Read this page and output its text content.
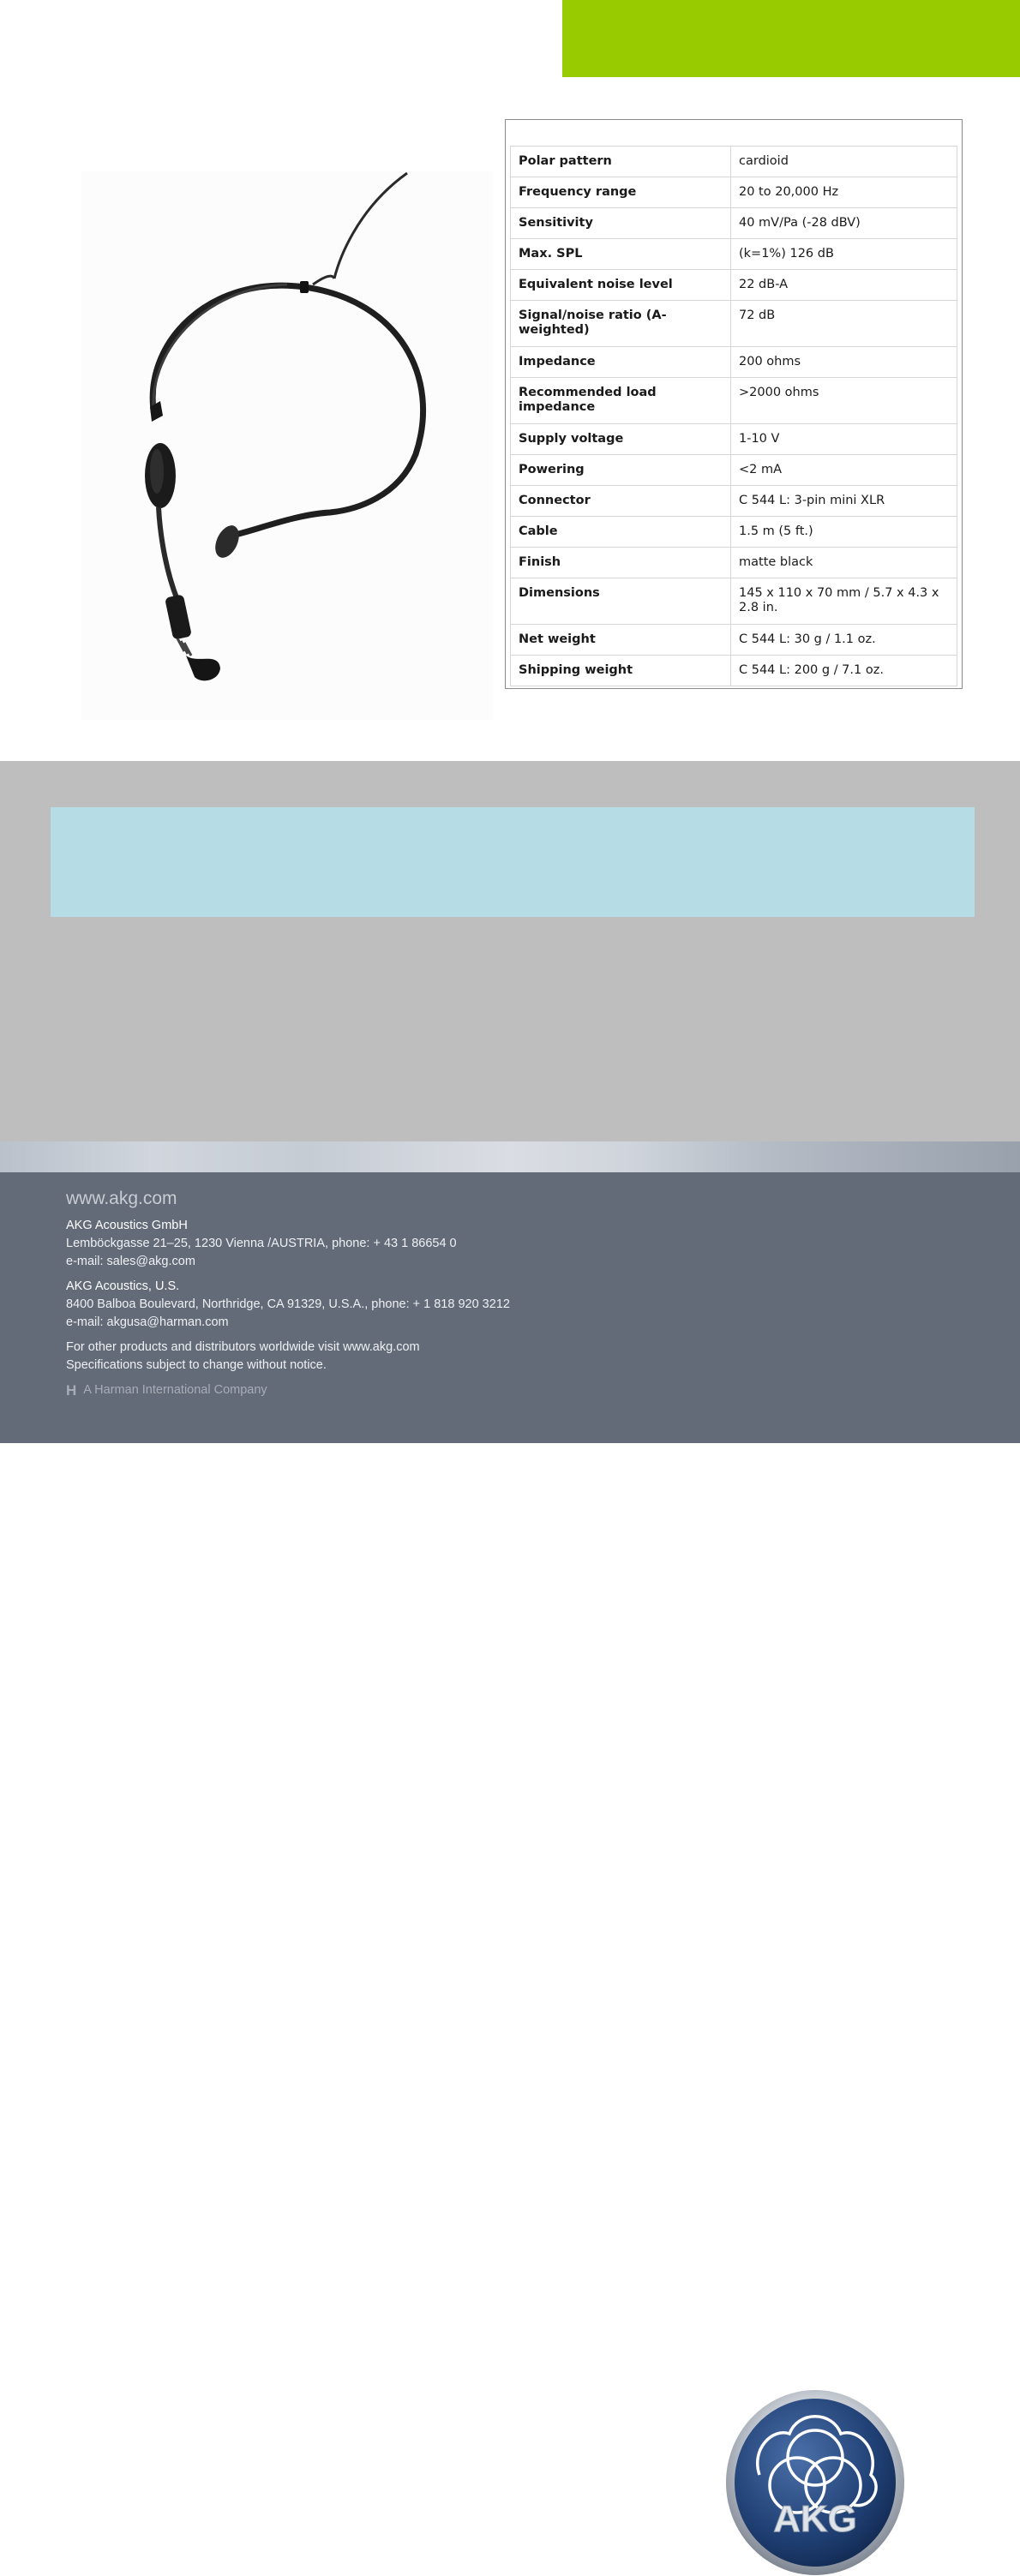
Polar pattern	cardioid
Frequency range	20 to 20,000 Hz
Sensitivity	40 mV/Pa (-28 dBV)
Max. SPL	(k=1%) 126 dB
Equivalent noise level	22 dB-A
Signal/noise ratio (A-weighted)	72 dB
Impedance	200 ohms
Recommended load impedance	>2000 ohms
Supply voltage	1-10 V
Powering	<2 mA
Connector	C 544 L: 3-pin mini XLR
Cable	1.5 m (5 ft.)
Finish	matte black
Dimensions	145 x 110 x 70 mm / 5.7 x 4.3 x 2.8 in.
Net weight	C 544 L: 30 g / 1.1 oz.
Shipping weight	C 544 L: 200 g / 7.1 oz.
www.akg.com
AKG Acoustics GmbH
Lemböckgasse 21–25, 1230 Vienna /AUSTRIA, phone: + 43 1 86654 0
e-mail: sales@akg.com
AKG Acoustics, U.S.
8400 Balboa Boulevard, Northridge, CA 91329, U.S.A., phone: + 1 818 920 3212
e-mail: akgusa@harman.com
For other products and distributors worldwide visit www.akg.com
Specifications subject to change without notice.
H A Harman International Company
AKG
